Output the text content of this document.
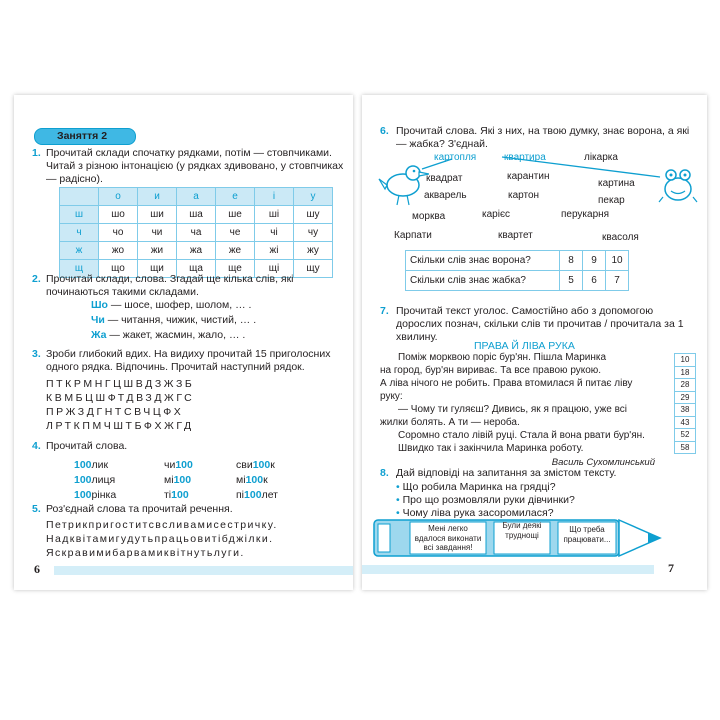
Заняття 2
1. Прочитай склади спочатку рядками, потім — стовпчиками. Читай з різною інтонацією (у рядках здивовано, у стовпчиках — радісно).
	о	и	а	е	і	у
ш	шо	ши	ша	ше	ші	шу
ч	чо	чи	ча	че	чі	чу
ж	жо	жи	жа	же	жі	жу
щ	що	щи	ща	ще	щі	щу
2. Прочитай склади, слова. Згадай ще кілька слів, які починаються такими складами.
Шо — шосе, шофер, шолом, … .
Чи — читання, чижик, чистий, … .
Жа — жакет, жасмин, жало, … .
3. Зроби глибокий вдих. На видиху прочитай 15 приголосних одного рядка. Відпочинь. Прочитай наступний рядок.
ПТКРМНГЦШВДЗЖЗБ
КВМБЦШФТДВЗДЖГС
ПРЖЗДГНТСВЧЦФХ
ЛРТКПМЧШТБФХЖГД
4. Прочитай слова.
100лик	чи100	сви100к
100лиця	мі100	мі100к
100рінка	ті100	пі100лет
5. Роз'єднай слова та прочитай речення.
Петрикпригоститсвсливамисестричку.
Надквітамигудутьпрацьовитібджілки.
Яскравимибарвамиквітнутьлуги.
6
6. Прочитай слова. Які з них, на твою думку, знає ворона, а які — жабка? З'єднай.
картопля	квартира	лікарка
квадрат	карантин
картина
акварель	картон	пекар
морква	карієс	перукарня
Карпати	квартет	квасоля
Скільки слів знає ворона?	8	9	10
Скільки слів знає жабка?	5	6	7
7. Прочитай текст уголос. Самостійно або з допомогою дорослих познач, скільки слів ти прочитав / прочитала за 1 хвилину.
ПРАВА Й ЛІВА РУКА
Поміж морквою поріс бур'ян. Пішла Маринка
на город, бур'ян вириває. Та все правою рукою.
А ліва нічого не робить. Права втомилася й питає ліву
руку:
— Чому ти гуляєш? Дивись, як я працюю, уже всі
жилки болять. А ти — нероба.
Соромно стало лівій руці. Стала й вона рвати бур'ян.
Швидко так і закінчила Маринка роботу.
Василь Сухомлинський
10
18
28
29
38
43
52
58
8. Дай відповіді на запитання за змістом тексту.
• Що робила Маринка на грядці?
• Про що розмовляли руки дівчинки?
• Чому ліва рука засоромилася?
Мені легко вдалося виконати всі завдання!
Були деякі труднощі
Що треба працювати...
7
